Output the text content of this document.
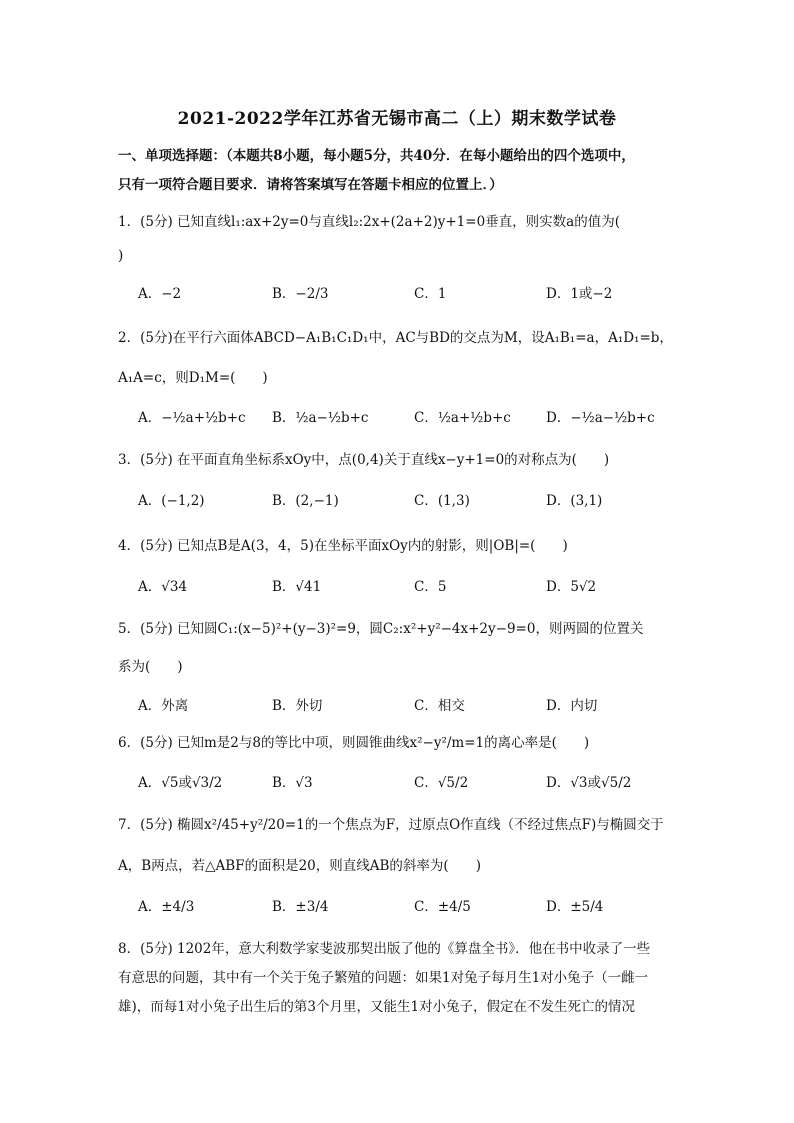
2021-2022学年江苏省无锡市高二（上）期末数学试卷
一、单项选择题：（本题共8小题，每小题5分，共40分．在每小题给出的四个选项中，
只有一项符合题目要求．请将答案填写在答题卡相应的位置上．）
1．(5分) 已知直线l₁:ax+2y=0与直线l₂:2x+(2a+2)y+1=0垂直，则实数a的值为(
)
A．−2	B．−2/3	C．1	D．1或−2
2．(5分)在平行六面体ABCD−A₁B₁C₁D₁中，AC与BD的交点为M，设A₁B₁=a，A₁D₁=b，
A₁A=c，则D₁M=(　　)
A．−½a+½b+c B．½a−½b+c	C．½a+½b+c	D．−½a−½b+c
3．(5分) 在平面直角坐标系xOy中，点(0,4)关于直线x−y+1=0的对称点为(　　)
A．(−1,2)	B．(2,−1)	C．(1,3)	D．(3,1)
4．(5分) 已知点B是A(3，4，5)在坐标平面xOy内的射影，则|OB|=(　　)
A．√34	B．√41	C．5	D．5√2
5．(5分) 已知圆C₁:(x−5)²+(y−3)²=9，圆C₂:x²+y²−4x+2y−9=0，则两圆的位置关
系为(　　)
A．外离	B．外切	C．相交	D．内切
6．(5分) 已知m是2与8的等比中项，则圆锥曲线x²−y²/m=1的离心率是(　　)
A．√5或√3/2	B．√3	C．√5/2	D．√3或√5/2
7．(5分) 椭圆x²/45+y²/20=1的一个焦点为F，过原点O作直线（不经过焦点F)与椭圆交于
A，B两点，若△ABF的面积是20，则直线AB的斜率为(　　)
A．±4/3	B．±3/4	C．±4/5	D．±5/4
8．(5分) 1202年，意大利数学家斐波那契出版了他的《算盘全书》．他在书中收录了一些
有意思的问题，其中有一个关于兔子繁殖的问题：如果1对兔子每月生1对小兔子（一雌一
雄)，而每1对小兔子出生后的第3个月里，又能生1对小兔子，假定在不发生死亡的情况
